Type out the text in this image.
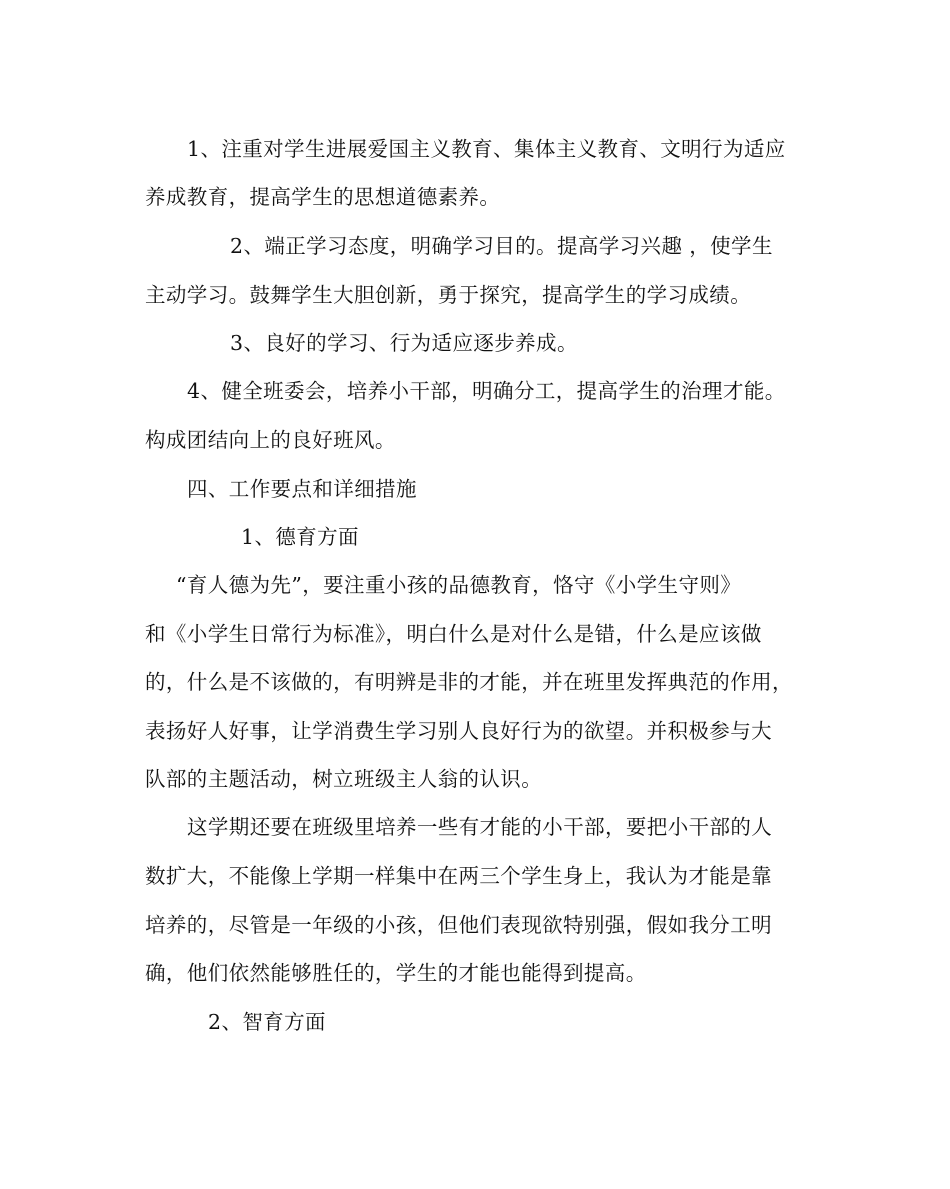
1、注重对学生进展爱国主义教育、集体主义教育、文明行为适应
养成教育，提高学生的思想道德素养。
2、端正学习态度，明确学习目的。提高学习兴趣 ，使学生
主动学习。鼓舞学生大胆创新，勇于探究，提高学生的学习成绩。
3、良好的学习、行为适应逐步养成。
4、健全班委会，培养小干部，明确分工，提高学生的治理才能。
构成团结向上的良好班风。
四、工作要点和详细措施
1、德育方面
“育人德为先”，要注重小孩的品德教育，恪守《小学生守则》
和《小学生日常行为标准》，明白什么是对什么是错，什么是应该做
的，什么是不该做的，有明辨是非的才能，并在班里发挥典范的作用，
表扬好人好事，让学消费生学习别人良好行为的欲望。并积极参与大
队部的主题活动，树立班级主人翁的认识。
这学期还要在班级里培养一些有才能的小干部，要把小干部的人
数扩大，不能像上学期一样集中在两三个学生身上，我认为才能是靠
培养的，尽管是一年级的小孩，但他们表现欲特别强，假如我分工明
确，他们依然能够胜任的，学生的才能也能得到提高。
2、智育方面
